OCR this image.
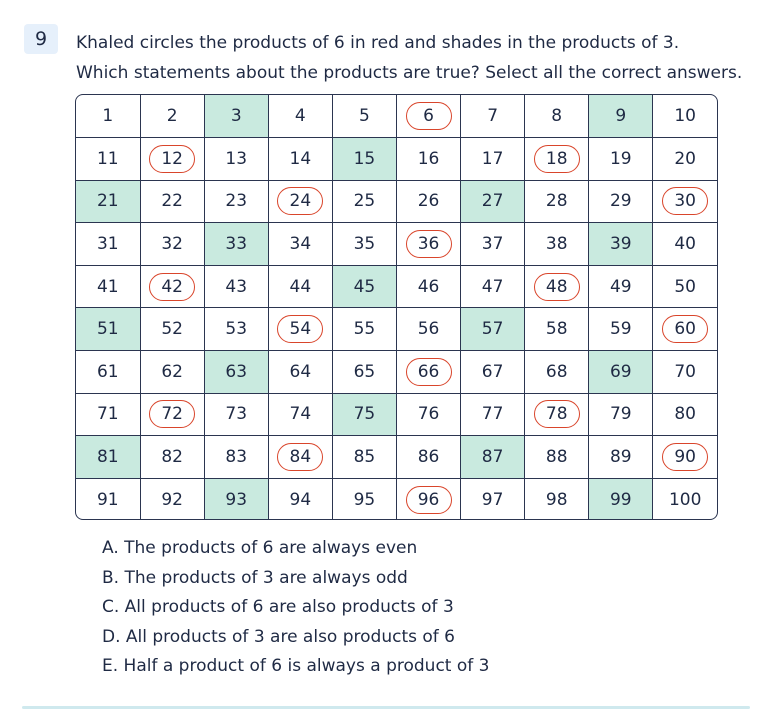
9 Khaled circles the products of 6 in red and shades in the products of 3.
Which statements about the products are true? Select all the correct answers.
1	2	3	4	5	6	7	8	9	10
11	12	13	14	15	16	17	18	19	20
21	22	23	24	25	26	27	28	29	30
31	32	33	34	35	36	37	38	39	40
41	42	43	44	45	46	47	48	49	50
51	52	53	54	55	56	57	58	59	60
61	62	63	64	65	66	67	68	69	70
71	72	73	74	75	76	77	78	79	80
81	82	83	84	85	86	87	88	89	90
91	92	93	94	95	96	97	98	99	100
A. The products of 6 are always even
B. The products of 3 are always odd
C. All products of 6 are also products of 3
D. All products of 3 are also products of 6
E. Half a product of 6 is always a product of 3
